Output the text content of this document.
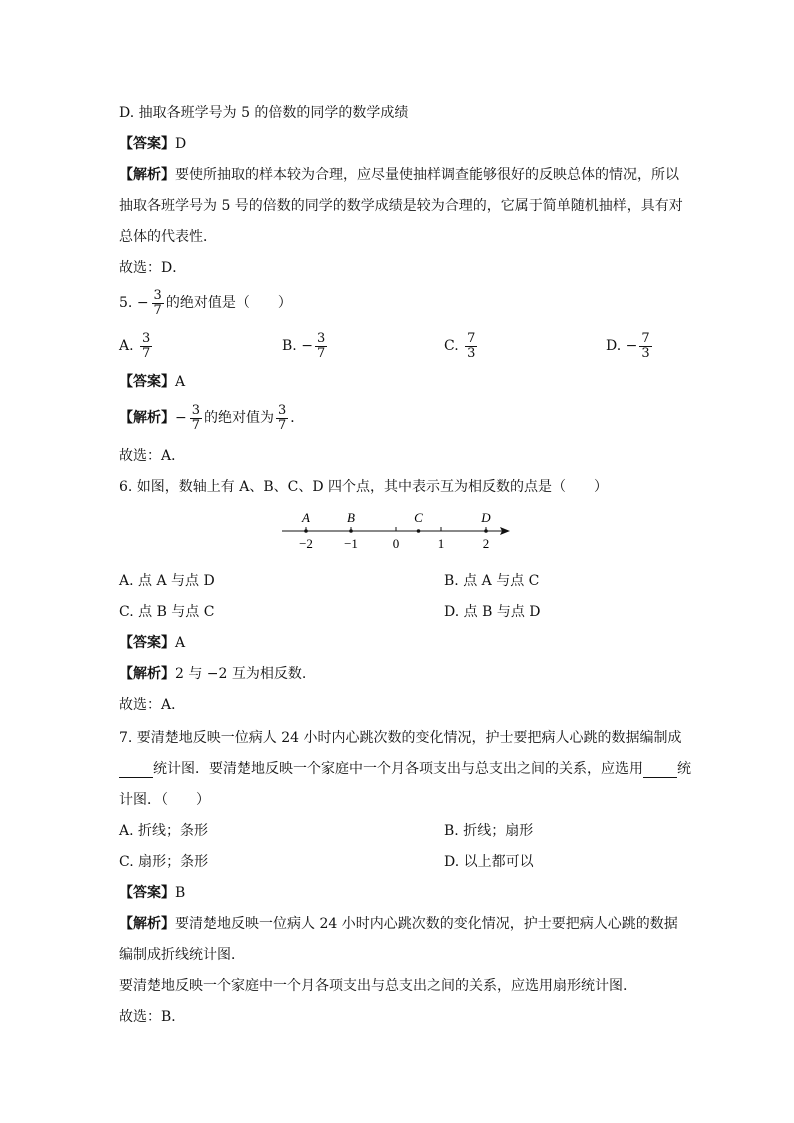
D. 抽取各班学号为 5 的倍数的同学的数学成绩
【答案】D
【解析】要使所抽取的样本较为合理，应尽量使抽样调查能够很好的反映总体的情况，所以
抽取各班学号为 5 号的倍数的同学的数学成绩是较为合理的，它属于简单随机抽样，具有对
总体的代表性．
故选：D．
5. − $\frac{3}{7}$ 的绝对值是（　　）
A. $\frac{3}{7}$	B. − $\frac{3}{7}$	C. $\frac{7}{3}$	D. − $\frac{7}{3}$
【答案】A
【解析】− $\frac{3}{7}$ 的绝对值为 $\frac{3}{7}$ ．
故选：A．
6. 如图，数轴上有 A、B、C、D 四个点，其中表示互为相反数的点是（　　）
−2 −1	0	1	2
A	B	C	D
A. 点 A 与点 D	B. 点 A 与点 C
C. 点 B 与点 C	D. 点 B 与点 D
【答案】A
【解析】2 与 −2 互为相反数.
故选：A．
7. 要清楚地反映一位病人 24 小时内心跳次数的变化情况，护士要把病人心跳的数据编制成
统计图．要清楚地反映一个家庭中一个月各项支出与总支出之间的关系，应选用 统
计图．（　　）
A. 折线；条形	B. 折线；扇形
C. 扇形；条形	D. 以上都可以
【答案】B
【解析】要清楚地反映一位病人 24 小时内心跳次数的变化情况，护士要把病人心跳的数据
编制成折线统计图．
要清楚地反映一个家庭中一个月各项支出与总支出之间的关系，应选用扇形统计图.
故选：B．
